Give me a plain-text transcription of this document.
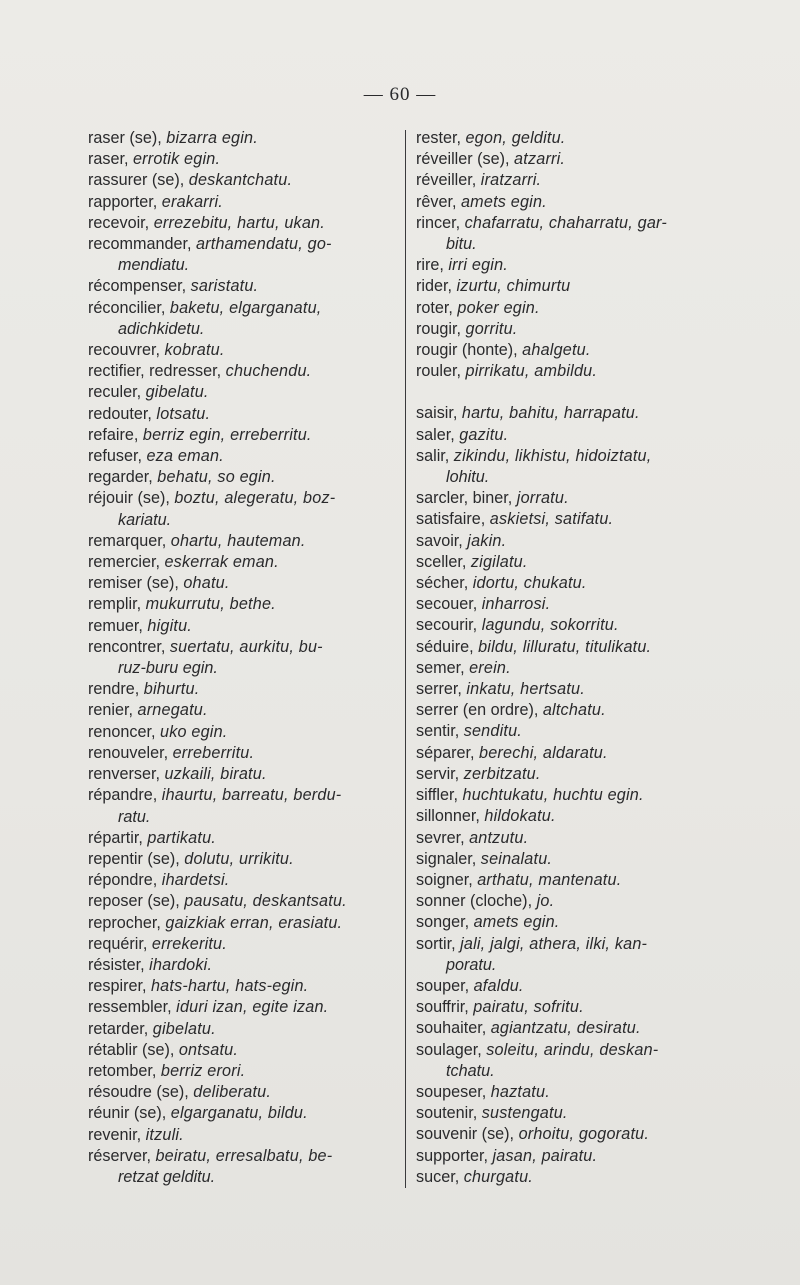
— 60 —
raser (se), bizarra egin.
raser, errotik egin.
rassurer (se), deskantchatu.
rapporter, erakarri.
recevoir, errezebitu, hartu, ukan.
recommander, arthamendatu, go-
mendiatu.
récompenser, saristatu.
réconcilier, baketu, elgarganatu,
adichkidetu.
recouvrer, kobratu.
rectifier, redresser, chuchendu.
reculer, gibelatu.
redouter, lotsatu.
refaire, berriz egin, erreberritu.
refuser, eza eman.
regarder, behatu, so egin.
réjouir (se), boztu, alegeratu, boz-
kariatu.
remarquer, ohartu, hauteman.
remercier, eskerrak eman.
remiser (se), ohatu.
remplir, mukurrutu, bethe.
remuer, higitu.
rencontrer, suertatu, aurkitu, bu-
ruz-buru egin.
rendre, bihurtu.
renier, arnegatu.
renoncer, uko egin.
renouveler, erreberritu.
renverser, uzkaili, biratu.
répandre, ihaurtu, barreatu, berdu-
ratu.
répartir, partikatu.
repentir (se), dolutu, urrikitu.
répondre, ihardetsi.
reposer (se), pausatu, deskantsatu.
reprocher, gaizkiak erran, erasiatu.
requérir, errekeritu.
résister, ihardoki.
respirer, hats-hartu, hats-egin.
ressembler, iduri izan, egite izan.
retarder, gibelatu.
rétablir (se), ontsatu.
retomber, berriz erori.
résoudre (se), deliberatu.
réunir (se), elgarganatu, bildu.
revenir, itzuli.
réserver, beiratu, erresalbatu, be-
retzat gelditu.
rester, egon, gelditu.
réveiller (se), atzarri.
réveiller, iratzarri.
rêver, amets egin.
rincer, chafarratu, chaharratu, gar-
bitu.
rire, irri egin.
rider, izurtu, chimurtu
roter, poker egin.
rougir, gorritu.
rougir (honte), ahalgetu.
rouler, pirrikatu, ambildu.
saisir, hartu, bahitu, harrapatu.
saler, gazitu.
salir, zikindu, likhistu, hidoiztatu,
lohitu.
sarcler, biner, jorratu.
satisfaire, askietsi, satifatu.
savoir, jakin.
sceller, zigilatu.
sécher, idortu, chukatu.
secouer, inharrosi.
secourir, lagundu, sokorritu.
séduire, bildu, lilluratu, titulikatu.
semer, erein.
serrer, inkatu, hertsatu.
serrer (en ordre), altchatu.
sentir, senditu.
séparer, berechi, aldaratu.
servir, zerbitzatu.
siffler, huchtukatu, huchtu egin.
sillonner, hildokatu.
sevrer, antzutu.
signaler, seinalatu.
soigner, arthatu, mantenatu.
sonner (cloche), jo.
songer, amets egin.
sortir, jali, jalgi, athera, ilki, kan-
poratu.
souper, afaldu.
souffrir, pairatu, sofritu.
souhaiter, agiantzatu, desiratu.
soulager, soleitu, arindu, deskan-
tchatu.
soupeser, haztatu.
soutenir, sustengatu.
souvenir (se), orhoitu, gogoratu.
supporter, jasan, pairatu.
sucer, churgatu.
